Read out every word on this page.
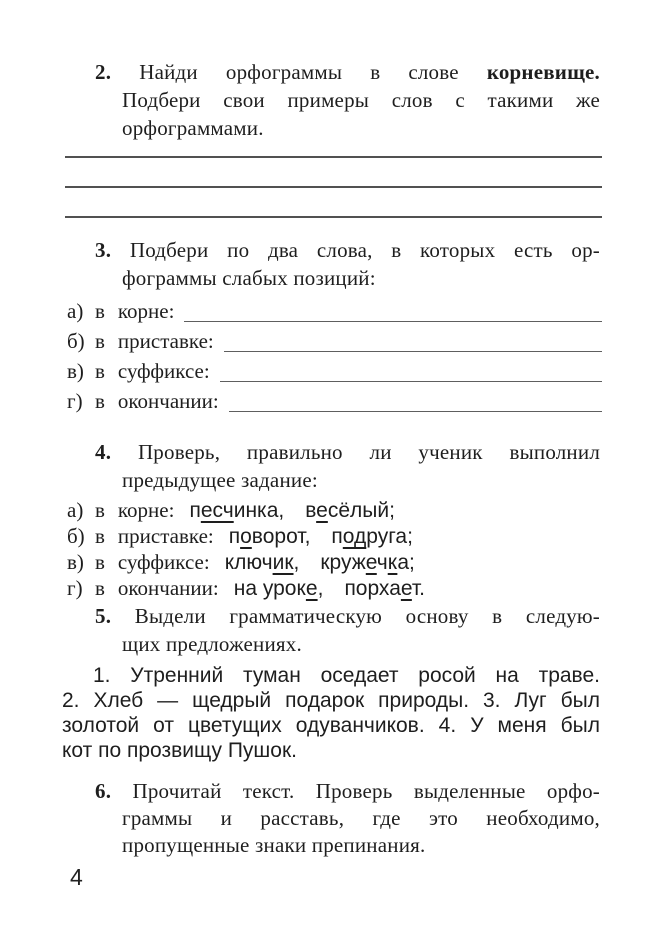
2. Найди орфограммы в слове корневище.
Подбери свои примеры слов с такими же
орфограммами.
3. Подбери по два слова, в которых есть ор-
фограммы слабых позиций:
а) в корне:
б) в приставке:
в) в суффиксе:
г) в окончании:
4. Проверь, правильно ли ученик выполнил
предыдущее задание:
а) в корне: песчинка,  весёлый;
б) в приставке: поворот,  подруга;
в) в суффиксе: ключик,  кружечка;
г) в окончании: на уроке,  порхает.
5. Выдели грамматическую основу в следую-
щих предложениях.
1. Утренний туман оседает росой на траве.
2. Хлеб — щедрый подарок природы. 3. Луг был
золотой от цветущих одуванчиков. 4. У меня был
кот по прозвищу Пушок.
6. Прочитай текст. Проверь выделенные орфо-
граммы и расставь, где это необходимо,
пропущенные знаки препинания.
4
